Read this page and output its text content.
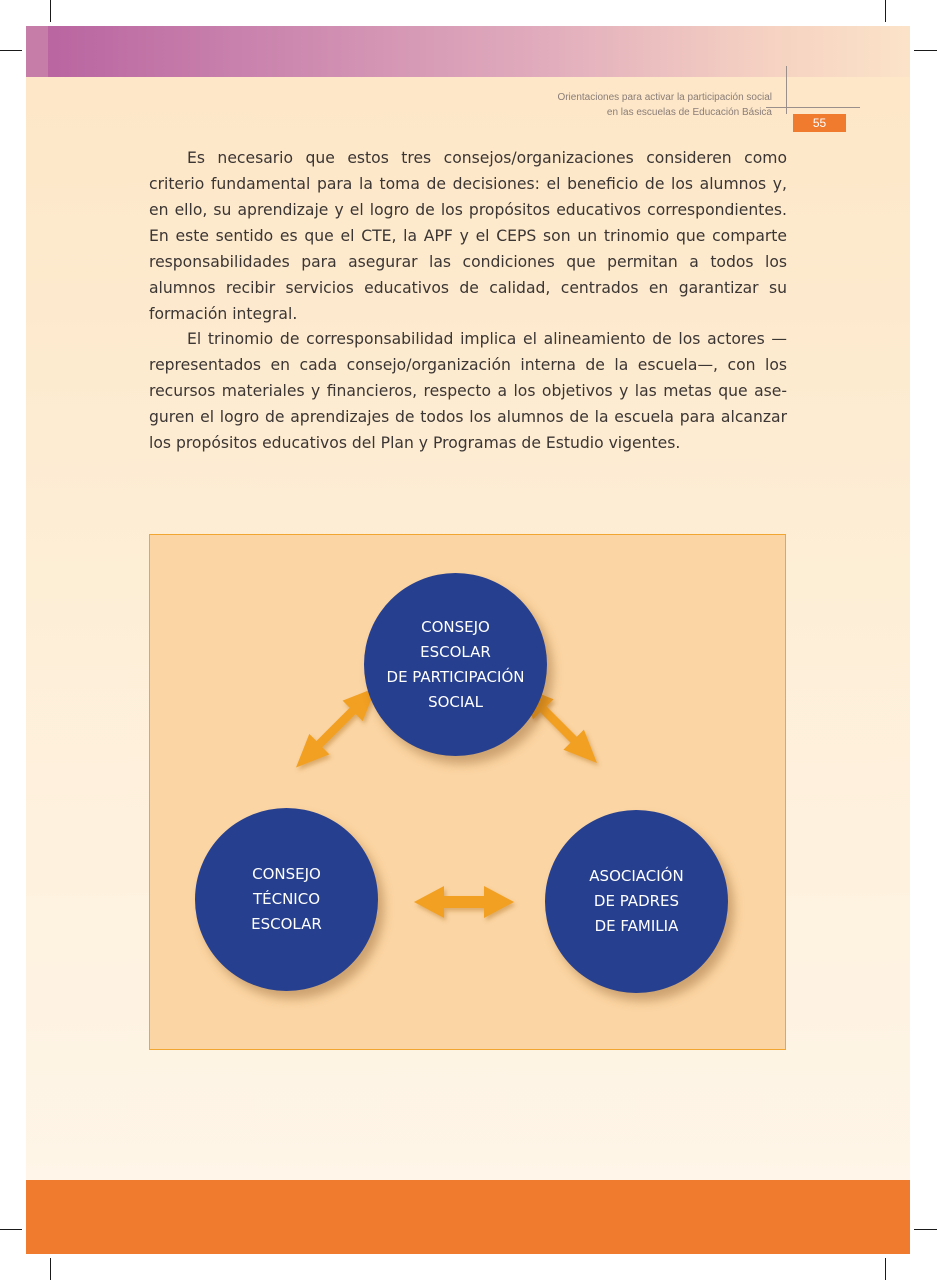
Orientaciones para activar la participación social
en las escuelas de Educación Básica
55

Es necesario que estos tres consejos/organizaciones consideren como criterio fundamental para la toma de decisiones: el beneficio de los alumnos y, en ello, su aprendizaje y el logro de los propósitos educativos correspondientes. En este sentido es que el CTE, la APF y el CEPS son un trinomio que comparte responsabilidades para asegurar las condiciones que permitan a todos los alumnos recibir servicios educativos de calidad, centrados en garantizar su formación integral.

El trinomio de corresponsabilidad implica el alineamiento de los actores —representados en cada consejo/organización interna de la escuela—, con los recursos materiales y financieros, respecto a los objetivos y las metas que aseguren el logro de aprendizajes de todos los alumnos de la escuela para alcanzar los propósitos educativos del Plan y Programas de Estudio vigentes.

CONSEJO
ESCOLAR
DE PARTICIPACIÓN
SOCIAL
CONSEJO
TÉCNICO
ESCOLAR
ASOCIACIÓN
DE PADRES
DE FAMILIA
